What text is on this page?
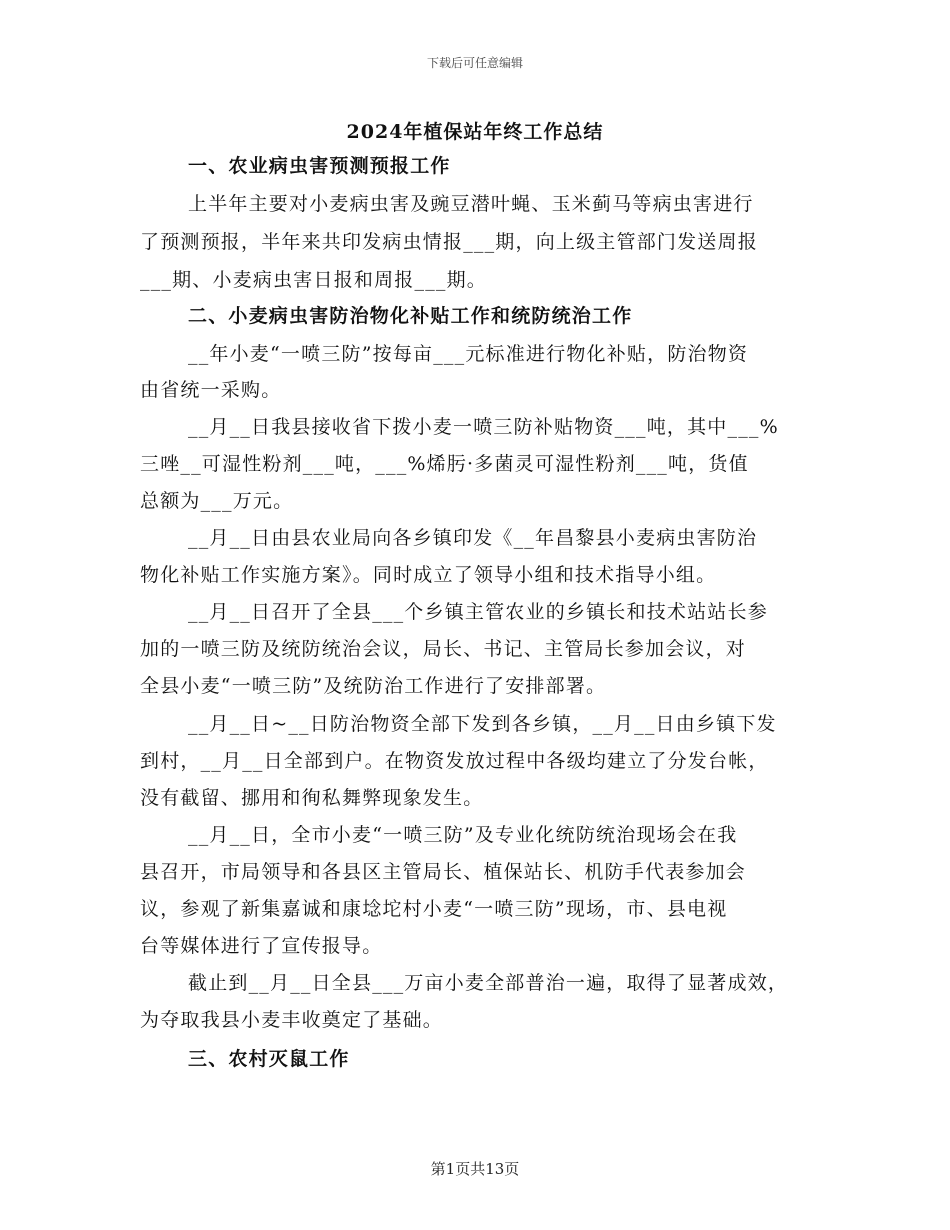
下载后可任意编辑
2024年植保站年终工作总结
一、农业病虫害预测预报工作
上半年主要对小麦病虫害及豌豆潜叶蝇、玉米蓟马等病虫害进行
了预测预报，半年来共印发病虫情报___期，向上级主管部门发送周报
___期、小麦病虫害日报和周报___期。
二、小麦病虫害防治物化补贴工作和统防统治工作
__年小麦“一喷三防”按每亩___元标准进行物化补贴，防治物资
由省统一采购。
__月__日我县接收省下拨小麦一喷三防补贴物资___吨，其中___%
三唑__可湿性粉剂___吨，___%烯肟·多菌灵可湿性粉剂___吨，货值
总额为___万元。
__月__日由县农业局向各乡镇印发《__年昌黎县小麦病虫害防治
物化补贴工作实施方案》。同时成立了领导小组和技术指导小组。
__月__日召开了全县___个乡镇主管农业的乡镇长和技术站站长参
加的一喷三防及统防统治会议，局长、书记、主管局长参加会议，对
全县小麦“一喷三防”及统防治工作进行了安排部署。
__月__日~__日防治物资全部下发到各乡镇，__月__日由乡镇下发
到村，__月__日全部到户。在物资发放过程中各级均建立了分发台帐，
没有截留、挪用和徇私舞弊现象发生。
__月__日，全市小麦“一喷三防”及专业化统防统治现场会在我
县召开，市局领导和各县区主管局长、植保站长、机防手代表参加会
议，参观了新集嘉诚和康埝坨村小麦“一喷三防”现场，市、县电视
台等媒体进行了宣传报导。
截止到__月__日全县___万亩小麦全部普治一遍，取得了显著成效，
为夺取我县小麦丰收奠定了基础。
三、农村灭鼠工作
第1页共13页
